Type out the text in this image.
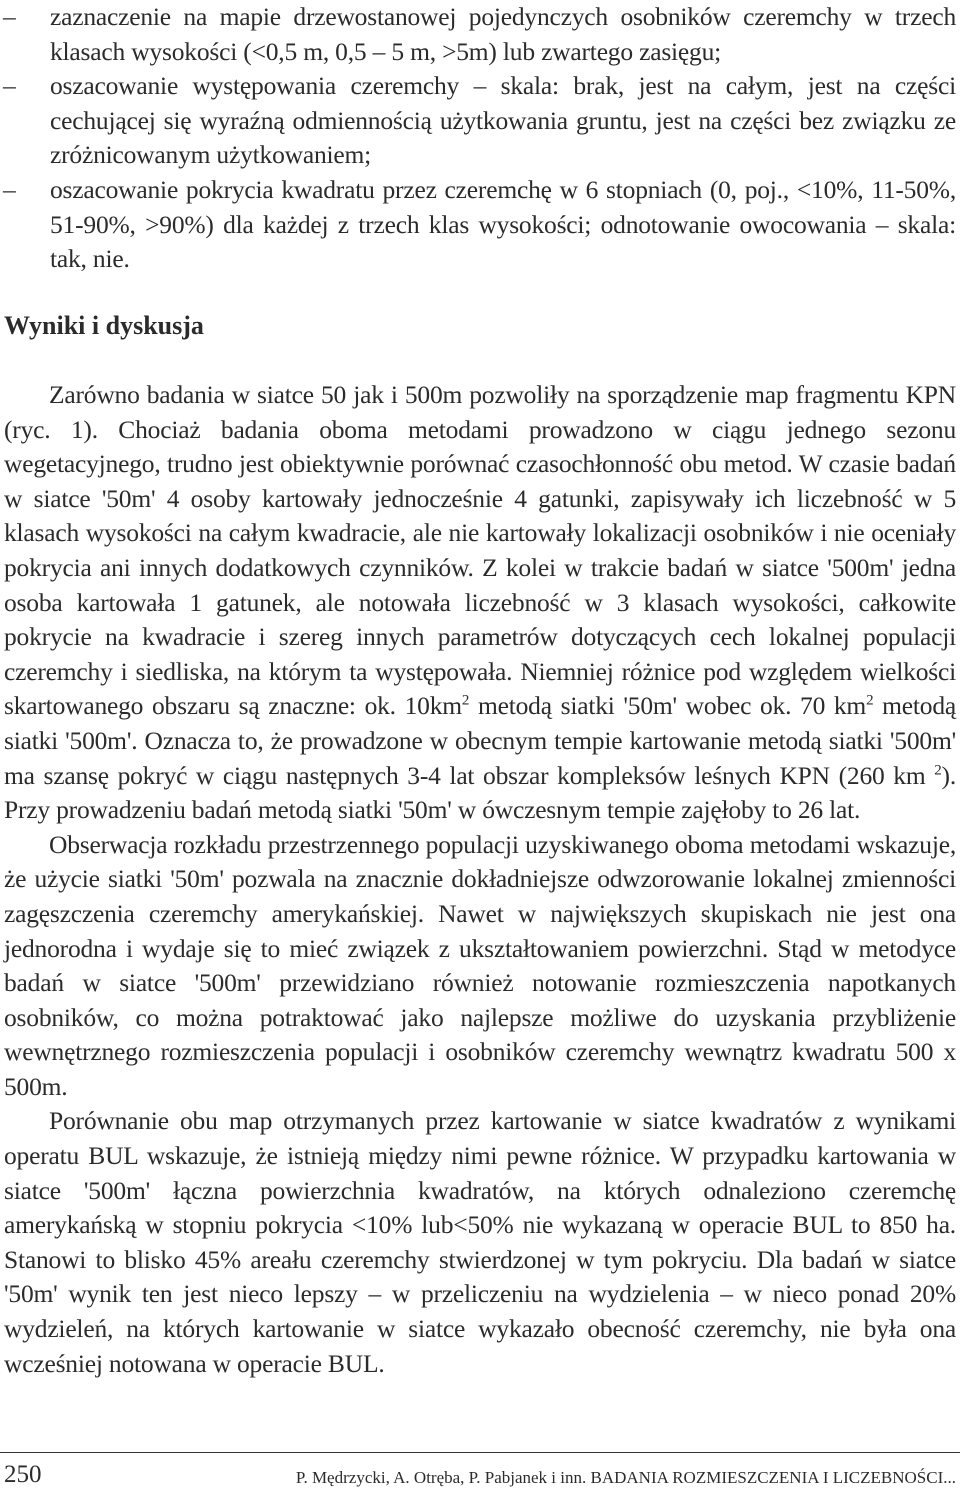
– zaznaczenie na mapie drzewostanowej pojedynczych osobników czeremchy w trzech klasach wysokości (<0,5 m, 0,5 – 5 m, >5m) lub zwartego zasięgu;
– oszacowanie występowania czeremchy – skala: brak, jest na całym, jest na części cechującej się wyraźną odmiennością użytkowania gruntu, jest na części bez związku ze zróżnicowanym użytkowaniem;
– oszacowanie pokrycia kwadratu przez czeremchę w 6 stopniach (0, poj., <10%, 11-50%, 51-90%, >90%) dla każdej z trzech klas wysokości; odnotowanie owocowania – skala: tak, nie.
Wyniki i dyskusja

Zarówno badania w siatce 50 jak i 500m pozwoliły na sporządzenie map fragmentu KPN (ryc. 1). Chociaż badania oboma metodami prowadzono w ciągu jednego sezonu wegetacyjnego, trudno jest obiektywnie porównać czasochłonność obu metod. W czasie badań w siatce '50m' 4 osoby kartowały jednocześnie 4 gatunki, zapisywały ich liczebność w 5 klasach wysokości na całym kwadracie, ale nie kartowały lokalizacji osobników i nie oceniały pokrycia ani innych dodatkowych czynników. Z kolei w trakcie badań w siatce '500m' jedna osoba kartowała 1 gatunek, ale notowała liczebność w 3 klasach wysokości, całkowite pokrycie na kwadracie i szereg innych parametrów dotyczących cech lokalnej populacji czeremchy i siedliska, na którym ta występowała. Niemniej różnice pod względem wielkości skartowanego obszaru są znaczne: ok. $10km^2$ metodą siatki '50m' wobec ok. 70 $km^2$ metodą siatki '500m'. Oznacza to, że prowadzone w obecnym tempie kartowanie metodą siatki '500m' ma szansę pokryć w ciągu następnych 3-4 lat obszar kompleksów leśnych KPN (260 km $^2$). Przy prowadzeniu badań metodą siatki '50m' w ówczesnym tempie zajęłoby to 26 lat.

Obserwacja rozkładu przestrzennego populacji uzyskiwanego oboma metodami wskazuje, że użycie siatki '50m' pozwala na znacznie dokładniejsze odwzorowanie lokalnej zmienności zagęszczenia czeremchy amerykańskiej. Nawet w największych skupiskach nie jest ona jednorodna i wydaje się to mieć związek z ukształtowaniem powierzchni. Stąd w metodyce badań w siatce '500m' przewidziano również notowanie rozmieszczenia napotkanych osobników, co można potraktować jako najlepsze możliwe do uzyskania przybliżenie wewnętrznego rozmieszczenia populacji i osobników czeremchy wewnątrz kwadratu 500 x 500m.

Porównanie obu map otrzymanych przez kartowanie w siatce kwadratów z wynikami operatu BUL wskazuje, że istnieją między nimi pewne różnice. W przypadku kartowania w siatce '500m' łączna powierzchnia kwadratów, na których odnaleziono czeremchę amerykańską w stopniu pokrycia <10% lub<50% nie wykazaną w operacie BUL to 850 ha. Stanowi to blisko 45% areału czeremchy stwierdzonej w tym pokryciu. Dla badań w siatce '50m' wynik ten jest nieco lepszy – w przeliczeniu na wydzielenia – w nieco ponad 20% wydzieleń, na których kartowanie w siatce wykazało obecność czeremchy, nie była ona wcześniej notowana w operacie BUL.

250	P. Mędrzycki, A. Otręba, P. Pabjanek i inn. BADANIA ROZMIESZCZENIA I LICZEBNOŚCI...
